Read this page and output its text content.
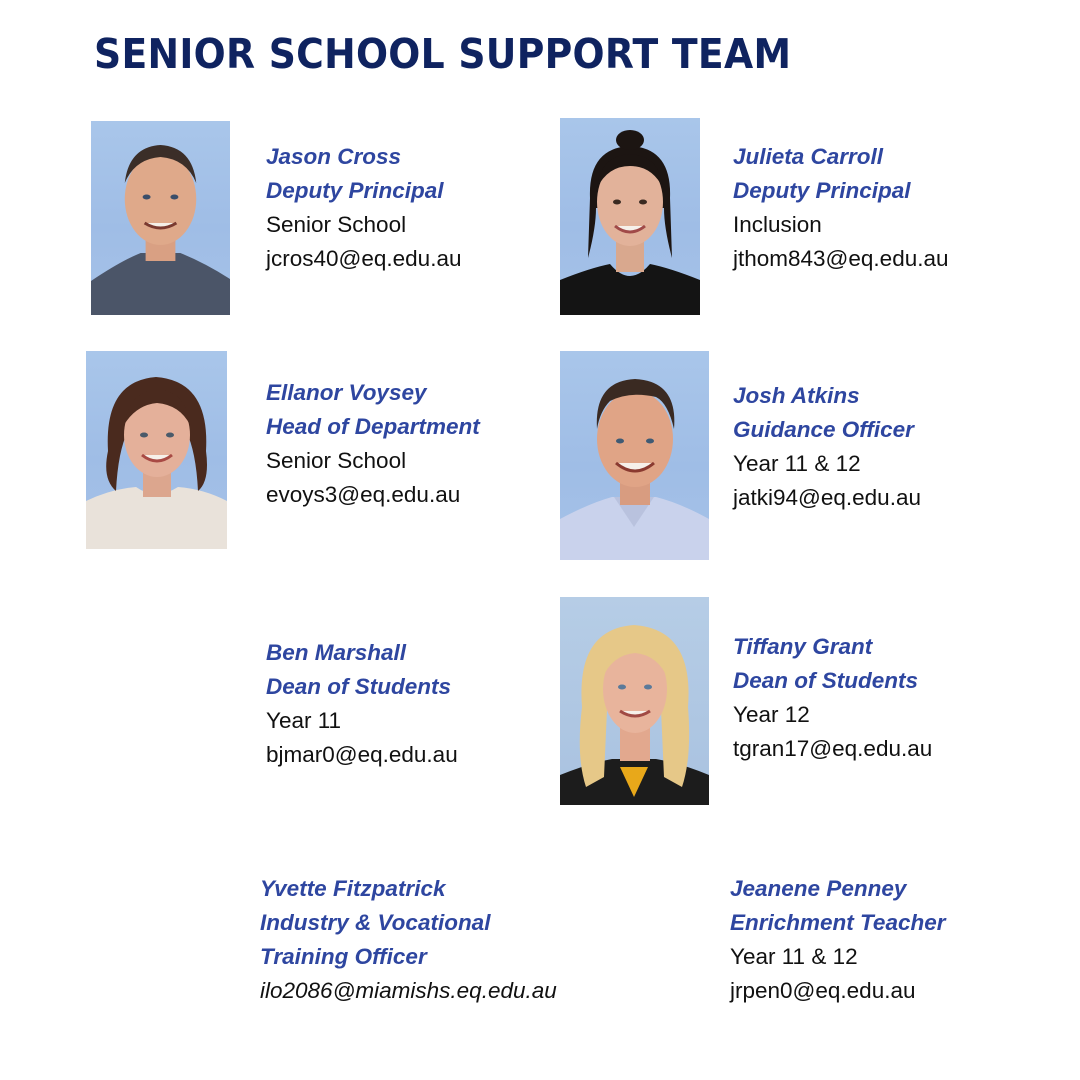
SENIOR SCHOOL SUPPORT TEAM
Jason Cross
Deputy Principal
Senior School
jcros40@eq.edu.au
Julieta Carroll
Deputy Principal
Inclusion
jthom843@eq.edu.au
Ellanor Voysey
Head of Department
Senior School
evoys3@eq.edu.au
Josh Atkins
Guidance Officer
Year 11 & 12
jatki94@eq.edu.au
Ben Marshall
Dean of Students
Year 11
bjmar0@eq.edu.au
Tiffany Grant
Dean of Students
Year 12
tgran17@eq.edu.au
Yvette Fitzpatrick
Industry & Vocational
Training Officer
ilo2086@miamishs.eq.edu.au
Jeanene Penney
Enrichment Teacher
Year 11 & 12
jrpen0@eq.edu.au
